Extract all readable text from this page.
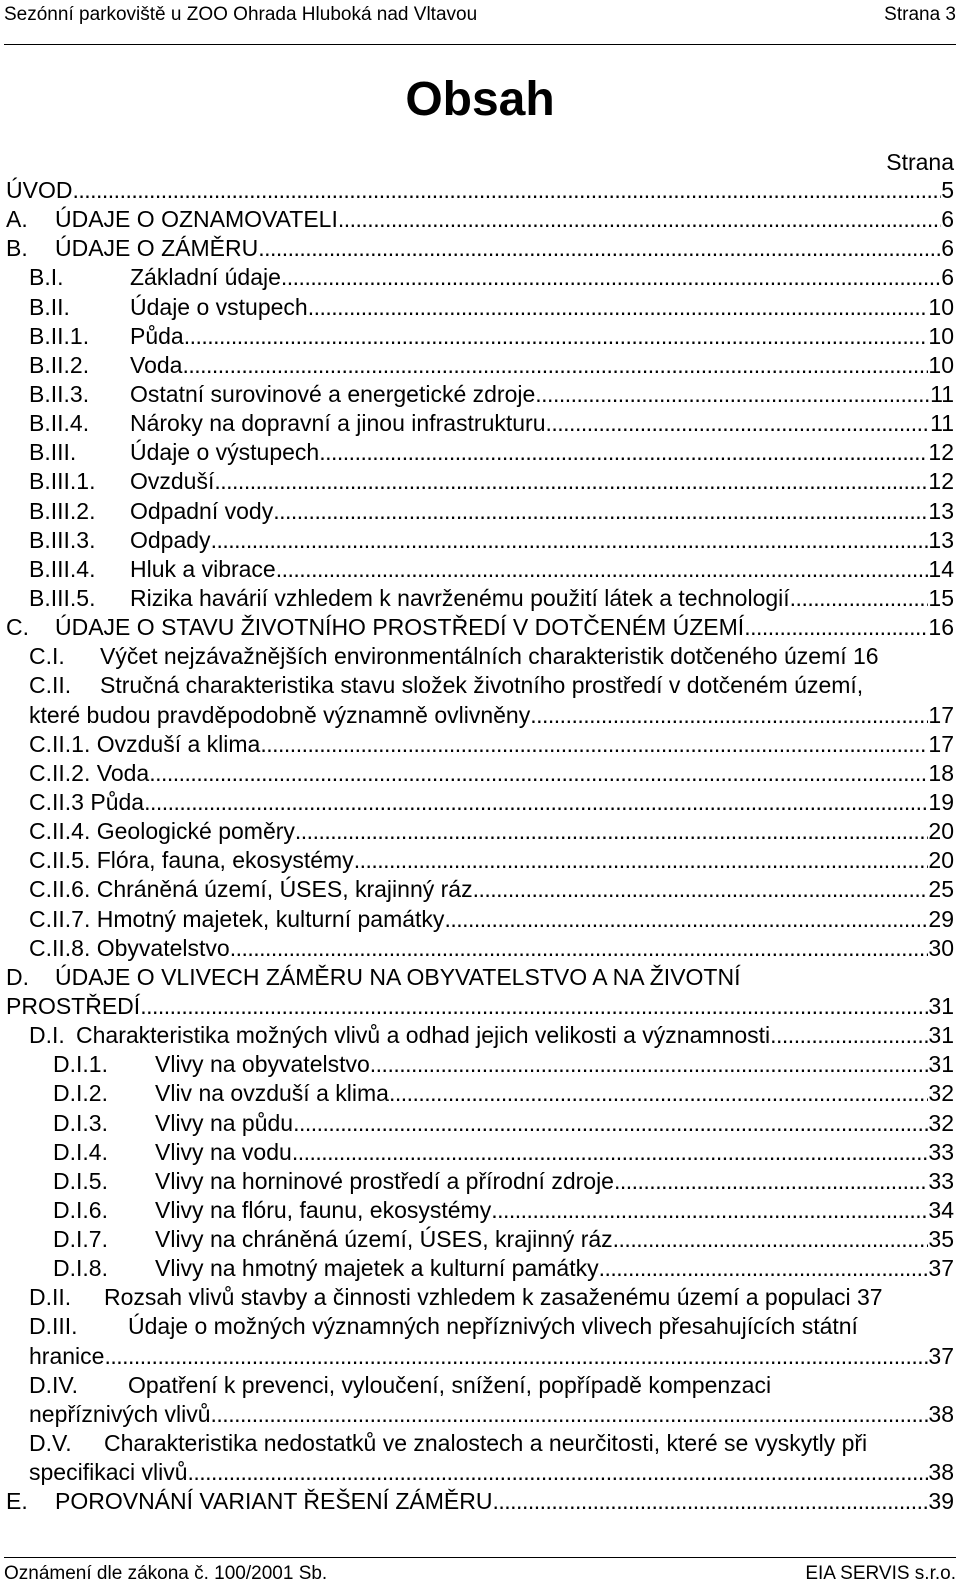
Sezónní parkoviště u ZOO Ohrada Hluboká nad Vltavou	Strana 3
Obsah
Strana
ÚVOD .....	5
A. ÚDAJE O OZNAMOVATELI .....	6
B. ÚDAJE O ZÁMĚRU .....	6
B.I.	Základní údaje .....	6
B.II.	Údaje o vstupech .....	10
B.II.1. Půda .....	10
B.II.2. Voda .....	10
B.II.3. Ostatní surovinové a energetické zdroje .....	11
B.II.4. Nároky na dopravní a jinou infrastrukturu .....	11
B.III. Údaje o výstupech .....	12
B.III.1. Ovzduší .....	12
B.III.2. Odpadní vody .....	13
B.III.3. Odpady .....	13
B.III.4. Hluk a vibrace .....	14
B.III.5. Rizika havárií vzhledem k navrženému použití látek a technologií .....	15
C. ÚDAJE O STAVU ŽIVOTNÍHO PROSTŘEDÍ V DOTČENÉM ÚZEMÍ .....	16
C.I. Výčet nejzávažnějších environmentálních charakteristik dotčeného území 16
C.II. Stručná charakteristika stavu složek životního prostředí v dotčeném území,
které budou pravděpodobně významně ovlivněny .....	17
C.II.1. Ovzduší a klima .....	17
C.II.2. Voda .....	18
C.II.3 Půda .....	19
C.II.4. Geologické poměry .....	20
C.II.5. Flóra, fauna, ekosystémy .....	20
C.II.6. Chráněná území, ÚSES, krajinný ráz .....	25
C.II.7. Hmotný majetek, kulturní památky .....	29
C.II.8. Obyvatelstvo .....	30
D. ÚDAJE O VLIVECH ZÁMĚRU NA OBYVATELSTVO A NA ŽIVOTNÍ
PROSTŘEDÍ .....	31
D.I. Charakteristika možných vlivů a odhad jejich velikosti a významnosti .....	31
D.I.1. Vlivy na obyvatelstvo .....	31
D.I.2. Vliv na ovzduší a klima .....	32
D.I.3. Vlivy na půdu .....	32
D.I.4. Vlivy na vodu .....	33
D.I.5. Vlivy na horninové prostředí a přírodní zdroje .....	33
D.I.6. Vlivy na flóru, faunu, ekosystémy .....	34
D.I.7. Vlivy na chráněná území, ÚSES, krajinný ráz .....	35
D.I.8. Vlivy na hmotný majetek a kulturní památky .....	37
D.II. Rozsah vlivů stavby a činnosti vzhledem k zasaženému území a populaci 37
D.III. Údaje o možných významných nepříznivých vlivech přesahujících státní
hranice .....	37
D.IV. Opatření k prevenci, vyloučení, snížení, popřípadě kompenzaci
nepříznivých vlivů .....	38
D.V. Charakteristika nedostatků ve znalostech a neurčitosti, které se vyskytly při
specifikaci vlivů .....	38
E. POROVNÁNÍ VARIANT ŘEŠENÍ ZÁMĚRU .....	39
Oznámení dle zákona č. 100/2001 Sb.	EIA SERVIS s.r.o.
